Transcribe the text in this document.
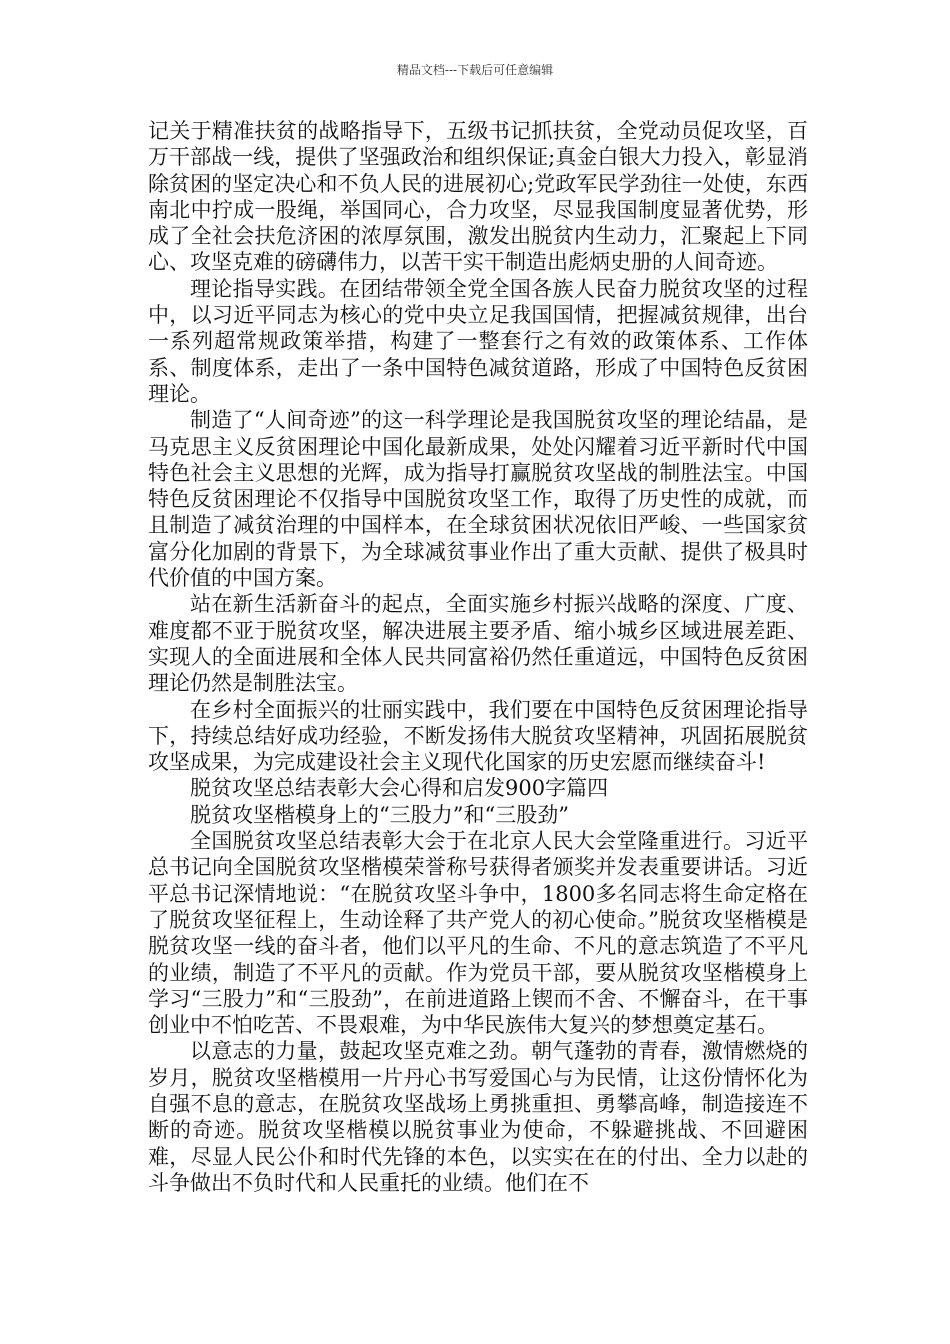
精品文档---下载后可任意编辑

记关于精准扶贫的战略指导下，五级书记抓扶贫，全党动员促攻坚，百万干部战一线，提供了坚强政治和组织保证;真金白银大力投入，彰显消除贫困的坚定决心和不负人民的进展初心;党政军民学劲往一处使，东西南北中拧成一股绳，举国同心，合力攻坚，尽显我国制度显著优势，形成了全社会扶危济困的浓厚氛围，激发出脱贫内生动力，汇聚起上下同心、攻坚克难的磅礴伟力，以苦干实干制造出彪炳史册的人间奇迹。

理论指导实践。在团结带领全党全国各族人民奋力脱贫攻坚的过程中，以习近平同志为核心的党中央立足我国国情，把握减贫规律，出台一系列超常规政策举措，构建了一整套行之有效的政策体系、工作体系、制度体系，走出了一条中国特色减贫道路，形成了中国特色反贫困理论。

制造了“人间奇迹”的这一科学理论是我国脱贫攻坚的理论结晶，是马克思主义反贫困理论中国化最新成果，处处闪耀着习近平新时代中国特色社会主义思想的光辉，成为指导打赢脱贫攻坚战的制胜法宝。中国特色反贫困理论不仅指导中国脱贫攻坚工作，取得了历史性的成就，而且制造了减贫治理的中国样本，在全球贫困状况依旧严峻、一些国家贫富分化加剧的背景下，为全球减贫事业作出了重大贡献、提供了极具时代价值的中国方案。

站在新生活新奋斗的起点，全面实施乡村振兴战略的深度、广度、难度都不亚于脱贫攻坚，解决进展主要矛盾、缩小城乡区域进展差距、实现人的全面进展和全体人民共同富裕仍然任重道远，中国特色反贫困理论仍然是制胜法宝。

在乡村全面振兴的壮丽实践中，我们要在中国特色反贫困理论指导下，持续总结好成功经验，不断发扬伟大脱贫攻坚精神，巩固拓展脱贫攻坚成果，为完成建设社会主义现代化国家的历史宏愿而继续奋斗!

脱贫攻坚总结表彰大会心得和启发900字篇四

脱贫攻坚楷模身上的“三股力”和“三股劲”

全国脱贫攻坚总结表彰大会于在北京人民大会堂隆重进行。习近平总书记向全国脱贫攻坚楷模荣誉称号获得者颁奖并发表重要讲话。习近平总书记深情地说：“在脱贫攻坚斗争中，1800多名同志将生命定格在了脱贫攻坚征程上，生动诠释了共产党人的初心使命。”脱贫攻坚楷模是脱贫攻坚一线的奋斗者，他们以平凡的生命、不凡的意志筑造了不平凡的业绩，制造了不平凡的贡献。作为党员干部，要从脱贫攻坚楷模身上学习“三股力”和“三股劲”，在前进道路上锲而不舍、不懈奋斗，在干事创业中不怕吃苦、不畏艰难，为中华民族伟大复兴的梦想奠定基石。

以意志的力量，鼓起攻坚克难之劲。朝气蓬勃的青春，激情燃烧的岁月，脱贫攻坚楷模用一片丹心书写爱国心与为民情，让这份情怀化为自强不息的意志，在脱贫攻坚战场上勇挑重担、勇攀高峰，制造接连不断的奇迹。脱贫攻坚楷模以脱贫事业为使命，不躲避挑战、不回避困难，尽显人民公仆和时代先锋的本色，以实实在在的付出、全力以赴的斗争做出不负时代和人民重托的业绩。他们在不
